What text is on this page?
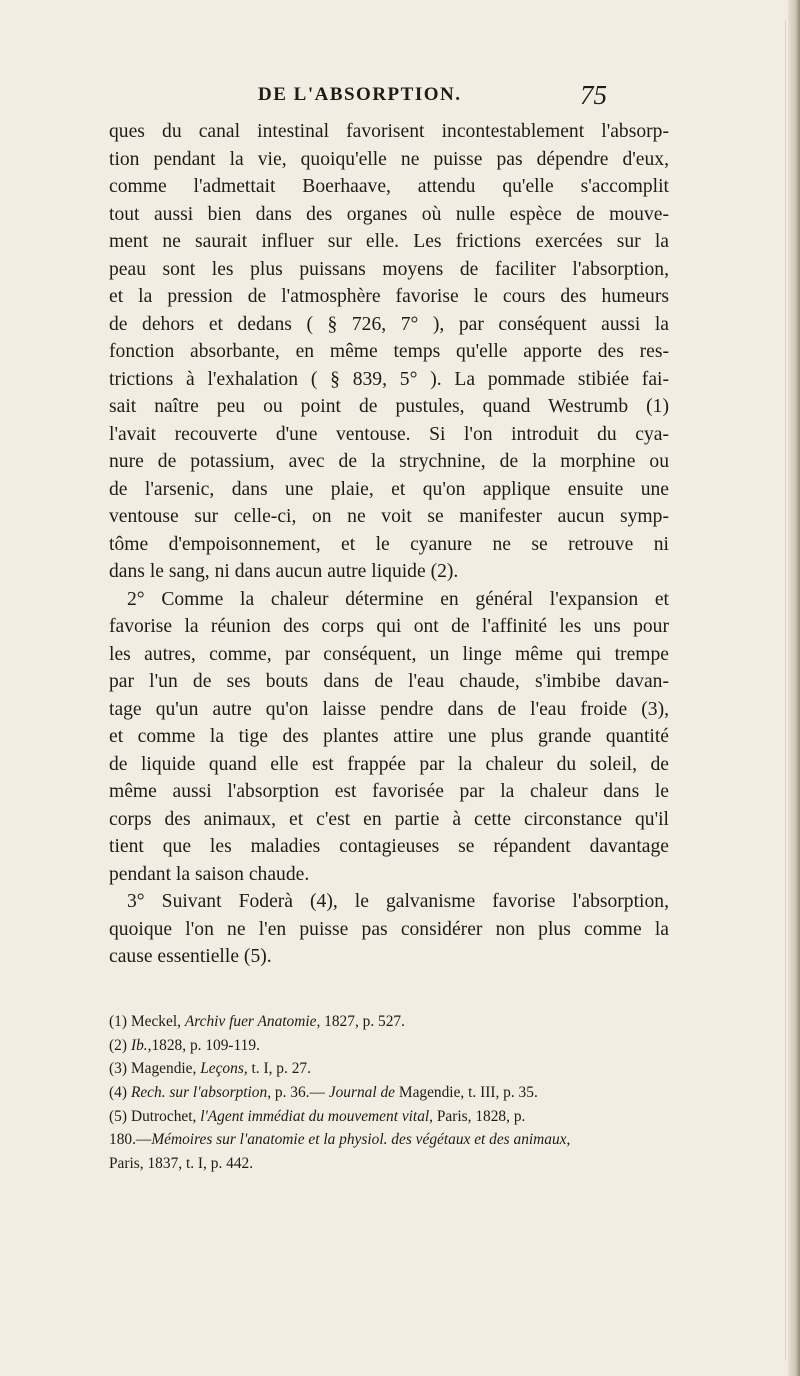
DE L'ABSORPTION.	75
ques du canal intestinal favorisent incontestablement l'absorp-
tion pendant la vie, quoiqu'elle ne puisse pas dépendre d'eux,
comme l'admettait Boerhaave, attendu qu'elle s'accomplit
tout aussi bien dans des organes où nulle espèce de mouve-
ment ne saurait influer sur elle. Les frictions exercées sur la
peau sont les plus puissans moyens de faciliter l'absorption,
et la pression de l'atmosphère favorise le cours des humeurs
de dehors et dedans ( § 726, 7° ), par conséquent aussi la
fonction absorbante, en même temps qu'elle apporte des res-
trictions à l'exhalation ( § 839, 5° ). La pommade stibiée fai-
sait naître peu ou point de pustules, quand Westrumb (1)
l'avait recouverte d'une ventouse. Si l'on introduit du cya-
nure de potassium, avec de la strychnine, de la morphine ou
de l'arsenic, dans une plaie, et qu'on applique ensuite une
ventouse sur celle-ci, on ne voit se manifester aucun symp-
tôme d'empoisonnement, et le cyanure ne se retrouve ni
dans le sang, ni dans aucun autre liquide (2).
2° Comme la chaleur détermine en général l'expansion et
favorise la réunion des corps qui ont de l'affinité les uns pour
les autres, comme, par conséquent, un linge même qui trempe
par l'un de ses bouts dans de l'eau chaude, s'imbibe davan-
tage qu'un autre qu'on laisse pendre dans de l'eau froide (3),
et comme la tige des plantes attire une plus grande quantité
de liquide quand elle est frappée par la chaleur du soleil, de
même aussi l'absorption est favorisée par la chaleur dans le
corps des animaux, et c'est en partie à cette circonstance qu'il
tient que les maladies contagieuses se répandent davantage
pendant la saison chaude.
3° Suivant Foderà (4), le galvanisme favorise l'absorption,
quoique l'on ne l'en puisse pas considérer non plus comme la
cause essentielle (5).
(1) Meckel, Archiv fuer Anatomie, 1827, p. 527.
(2) Ib.,1828, p. 109-119.
(3) Magendie, Leçons, t. I, p. 27.
(4) Rech. sur l'absorption, p. 36.— Journal de Magendie, t. III, p. 35.
(5) Dutrochet, l'Agent immédiat du mouvement vital, Paris, 1828, p.
180.—Mémoires sur l'anatomie et la physiol. des végétaux et des animaux,
Paris, 1837, t. I, p. 442.
